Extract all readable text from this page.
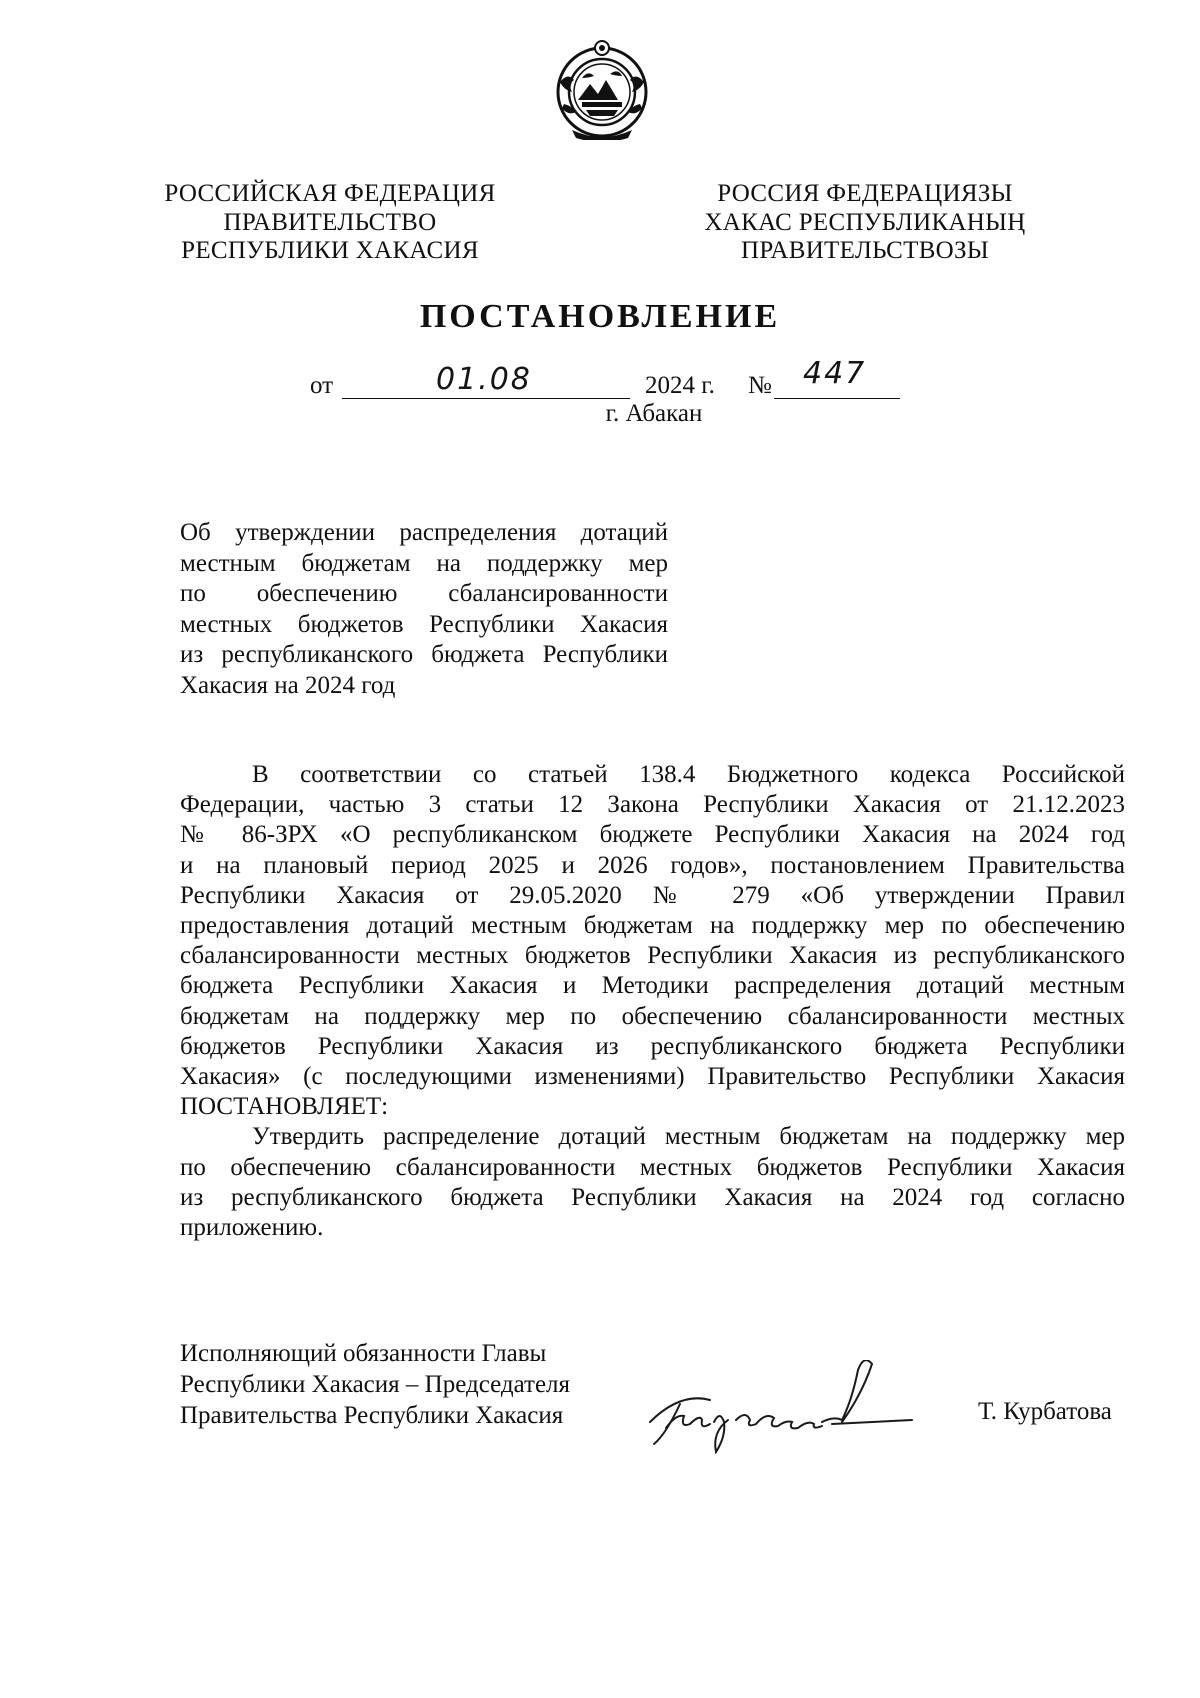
РОССИЙСКАЯ ФЕДЕРАЦИЯ
ПРАВИТЕЛЬСТВО
РЕСПУБЛИКИ ХАКАСИЯ
РОССИЯ ФЕДЕРАЦИЯЗЫ
ХАКАС РЕСПУБЛИКАНЫҢ
ПРАВИТЕЛЬСТВОЗЫ
ПОСТАНОВЛЕНИЕ
от	01.08	2024 г. № 447
г. Абакан
Об утверждении распределения дотаций
местным бюджетам на поддержку мер
по обеспечению сбалансированности
местных бюджетов Республики Хакасия
из республиканского бюджета Республики
Хакасия на 2024 год
В соответствии со статьей 138.4 Бюджетного кодекса Российской
Федерации, частью 3 статьи 12 Закона Республики Хакасия от 21.12.2023
№ 86-ЗРХ «О республиканском бюджете Республики Хакасия на 2024 год
и на плановый период 2025 и 2026 годов», постановлением Правительства
Республики Хакасия от 29.05.2020 № 279 «Об утверждении Правил
предоставления дотаций местным бюджетам на поддержку мер по обеспечению
сбалансированности местных бюджетов Республики Хакасия из республиканского
бюджета Республики Хакасия и Методики распределения дотаций местным
бюджетам на поддержку мер по обеспечению сбалансированности местных
бюджетов Республики Хакасия из республиканского бюджета Республики
Хакасия» (с последующими изменениями) Правительство Республики Хакасия
ПОСТАНОВЛЯЕТ:
Утвердить распределение дотаций местным бюджетам на поддержку мер
по обеспечению сбалансированности местных бюджетов Республики Хакасия
из республиканского бюджета Республики Хакасия на 2024 год согласно
приложению.
Исполняющий обязанности Главы
Республики Хакасия – Председателя
Правительства Республики Хакасия	Т. Курбатова
